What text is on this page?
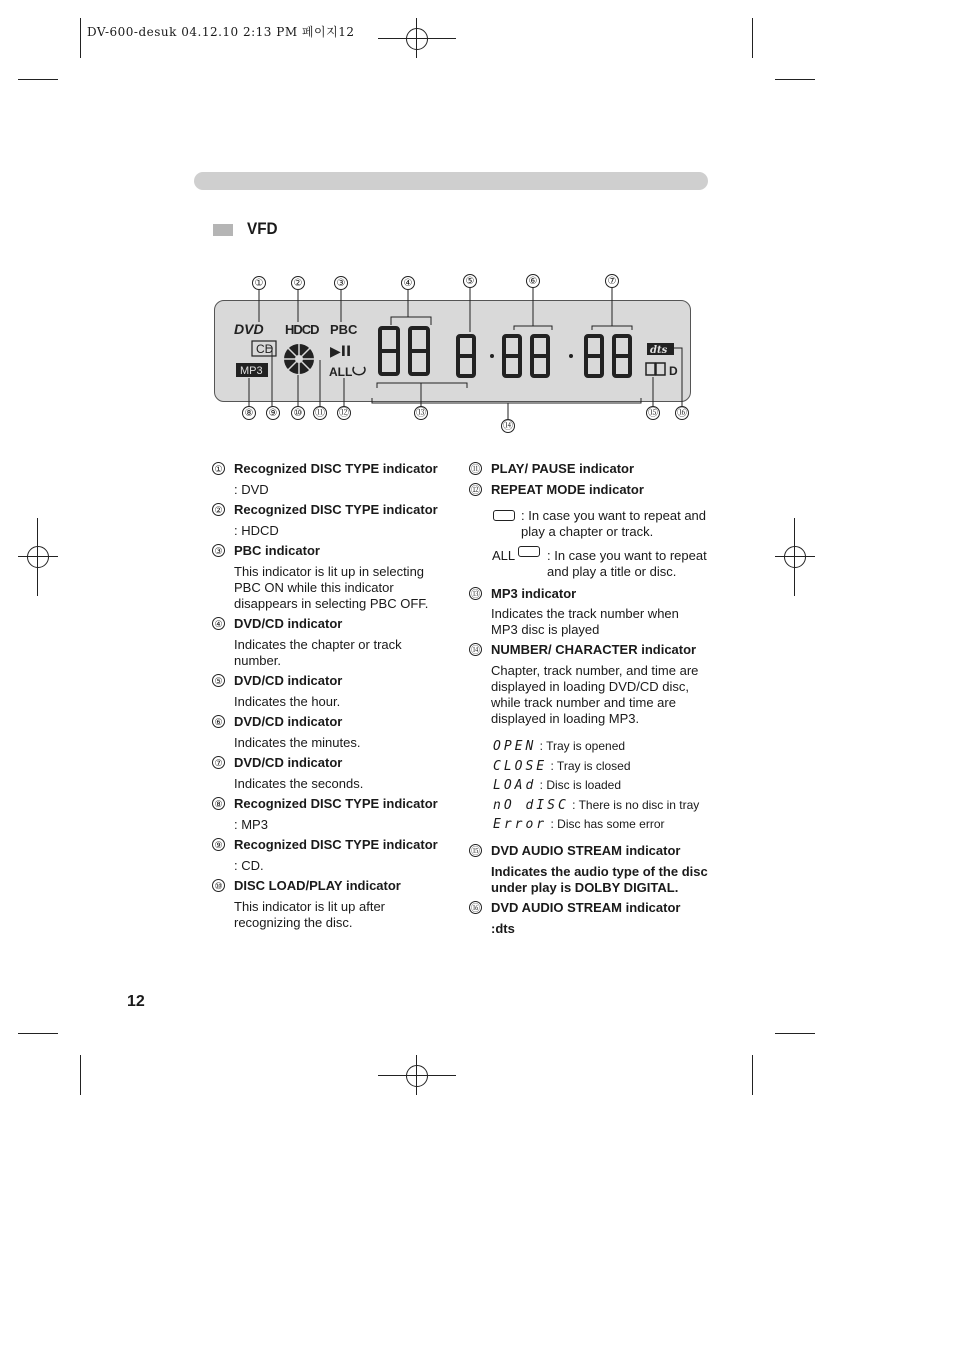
DV-600-desuk 04.12.10 2:13 PM 페이지12
VFD
DVD HDCD PBC
CD
MP3
▶II
ALL
dts
D
①	②	③	④	⑤	⑥	⑦
⑧ ⑨ ⑩ ⑪ ⑫	⑬
⑭
⑮ ⑯
① Recognized DISC TYPE indicator
: DVD
② Recognized DISC TYPE indicator
: HDCD
③ PBC indicator
This indicator is lit up in selecting PBC ON while this indicator disappears in selecting PBC OFF.
④ DVD/CD indicator
Indicates the chapter or track number.
⑤ DVD/CD indicator
Indicates the hour.
⑥ DVD/CD indicator
Indicates the minutes.
⑦ DVD/CD indicator
Indicates the seconds.
⑧ Recognized DISC TYPE indicator
: MP3
⑨ Recognized DISC TYPE indicator
: CD.
⑩ DISC LOAD/PLAY indicator
This indicator is lit up after recognizing the disc.
⑪ PLAY/ PAUSE indicator
⑫ REPEAT MODE indicator
: In case you want to repeat and play a chapter or track.
ALL	: In case you want to repeat and play a title or disc.
⑬ MP3 indicator
Indicates the track number when MP3 disc is played
⑭ NUMBER/ CHARACTER indicator
Chapter, track number, and time are displayed in loading DVD/CD disc, while track number and time are displayed in loading MP3.
OPEN : Tray is opened
CLOSE : Tray is closed
LOAd : Disc is loaded
nO dISC : There is no disc in tray
Error : Disc has some error
⑮ DVD AUDIO STREAM indicator
Indicates the audio type of the disc under play is DOLBY DIGITAL.
⑯ DVD AUDIO STREAM indicator
:dts
12
